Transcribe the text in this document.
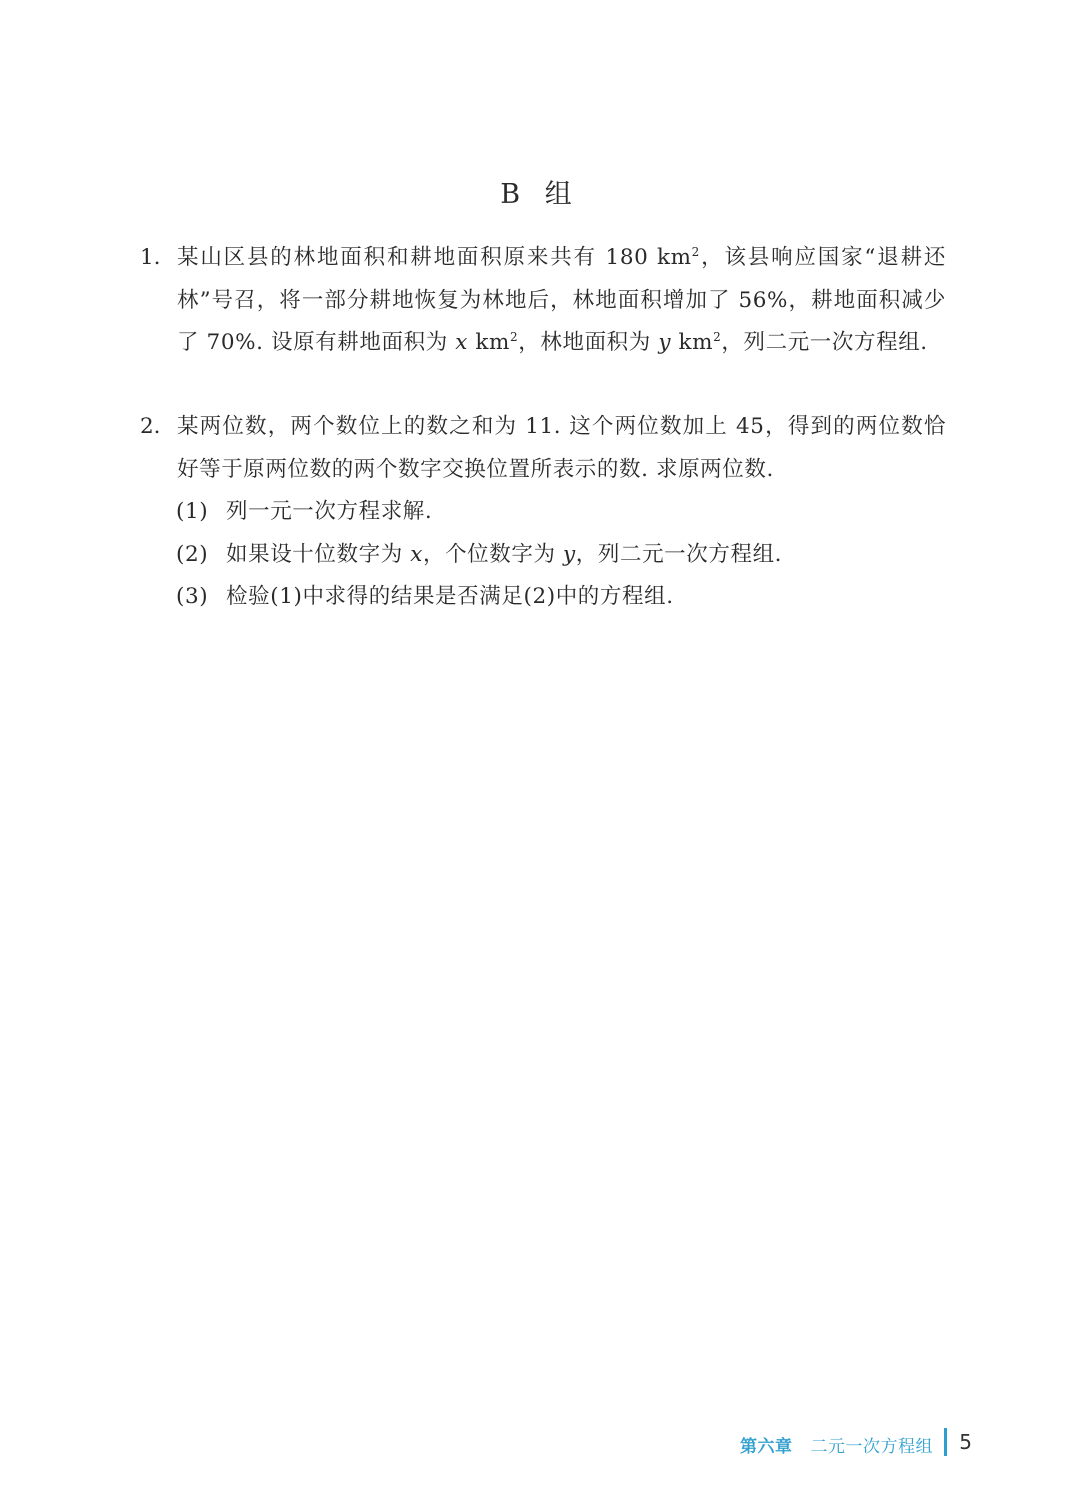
B 组
1. 某山区县的林地面积和耕地面积原来共有 180 $km^2$，该县响应国家“退耕还林”号召，将一部分耕地恢复为林地后，林地面积增加了 56%，耕地面积减少了 70%. 设原有耕地面积为 x $km^2$，林地面积为 y $km^2$，列二元一次方程组.
2. 某两位数，两个数位上的数之和为 11. 这个两位数加上 45，得到的两位数恰好等于原两位数的两个数字交换位置所表示的数. 求原两位数.
(1) 列一元一次方程求解.
(2) 如果设十位数字为 x，个位数字为 y，列二元一次方程组.
(3) 检验(1)中求得的结果是否满足(2)中的方程组.
第六章 二元一次方程组 5
